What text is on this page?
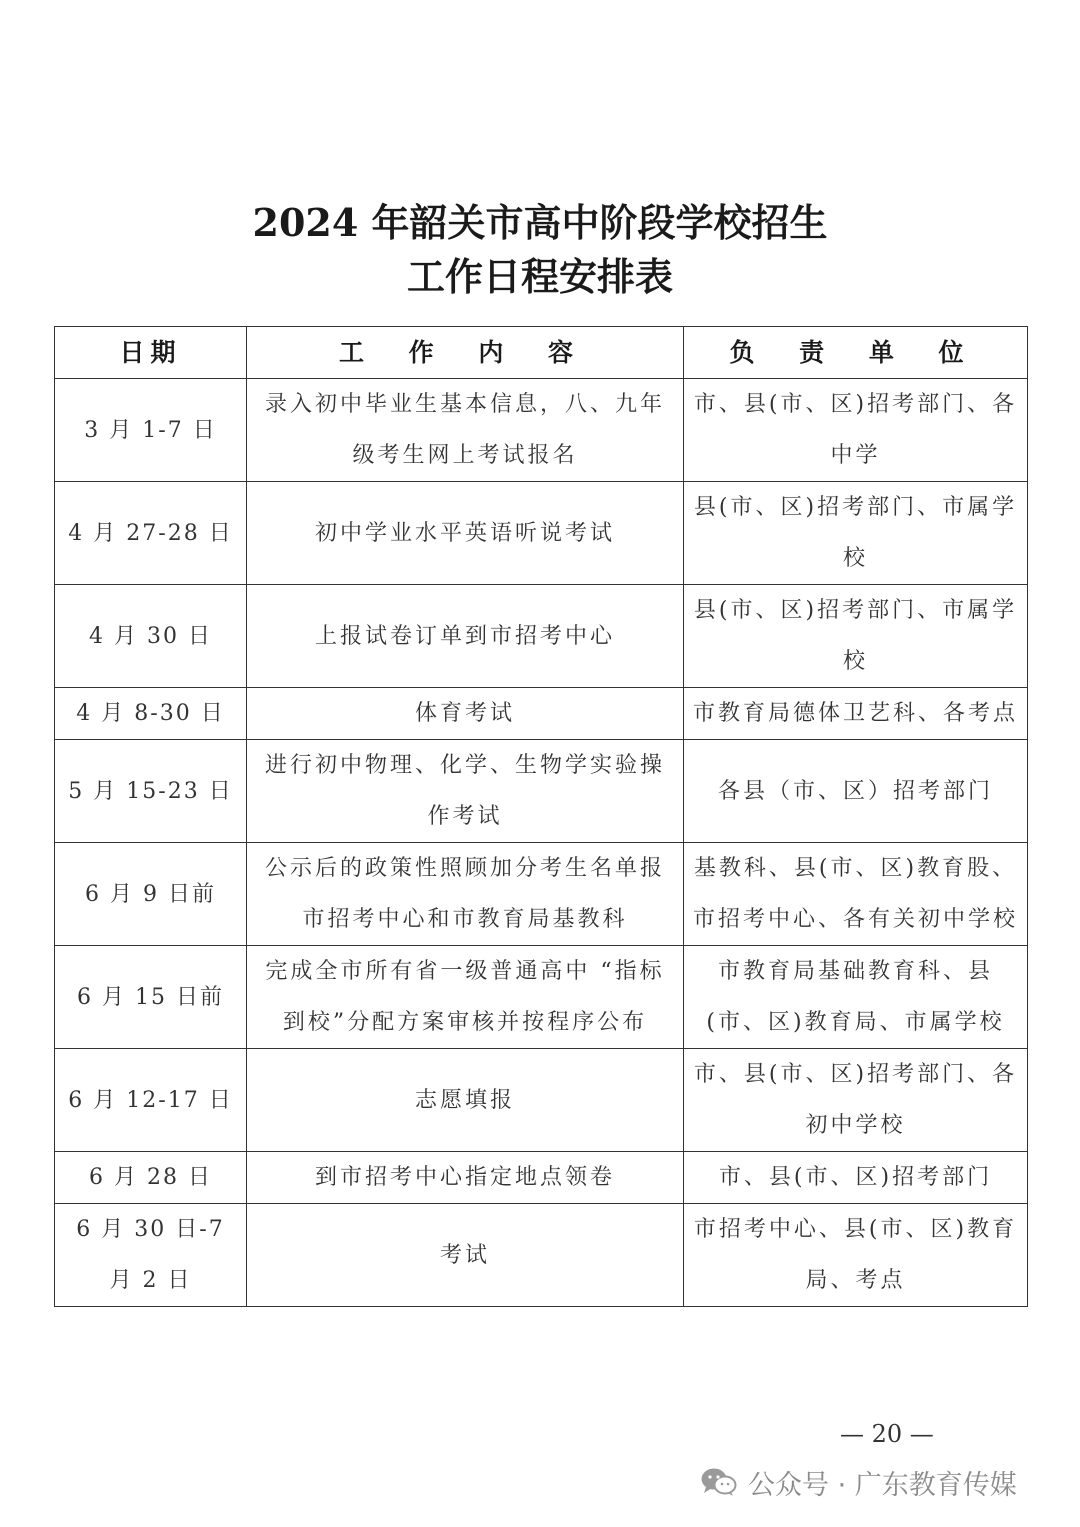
2024 年韶关市高中阶段学校招生
工作日程安排表
日期	工 作 内 容	负 责 单 位
3 月 1-7 日	录入初中毕业生基本信息，八、九年级考生网上考试报名	市、县(市、区)招考部门、各中学
4 月 27-28 日	初中学业水平英语听说考试	县(市、区)招考部门、市属学校
4 月 30 日	上报试卷订单到市招考中心	县(市、区)招考部门、市属学校
4 月 8-30 日	体育考试	市教育局德体卫艺科、各考点
5 月 15-23 日	进行初中物理、化学、生物学实验操作考试	各县（市、区）招考部门
6 月 9 日前	公示后的政策性照顾加分考生名单报市招考中心和市教育局基教科	基教科、县(市、区)教育股、市招考中心、各有关初中学校
6 月 15 日前	完成全市所有省一级普通高中 “指标到校”分配方案审核并按程序公布	市教育局基础教育科、县(市、区)教育局、市属学校
6 月 12-17 日	志愿填报	市、县(市、区)招考部门、各初中学校
6 月 28 日	到市招考中心指定地点领卷	市、县(市、区)招考部门
6 月 30 日-7 月 2 日	考试	市招考中心、县(市、区)教育局、考点
— 20 —
公众号 · 广东教育传媒
